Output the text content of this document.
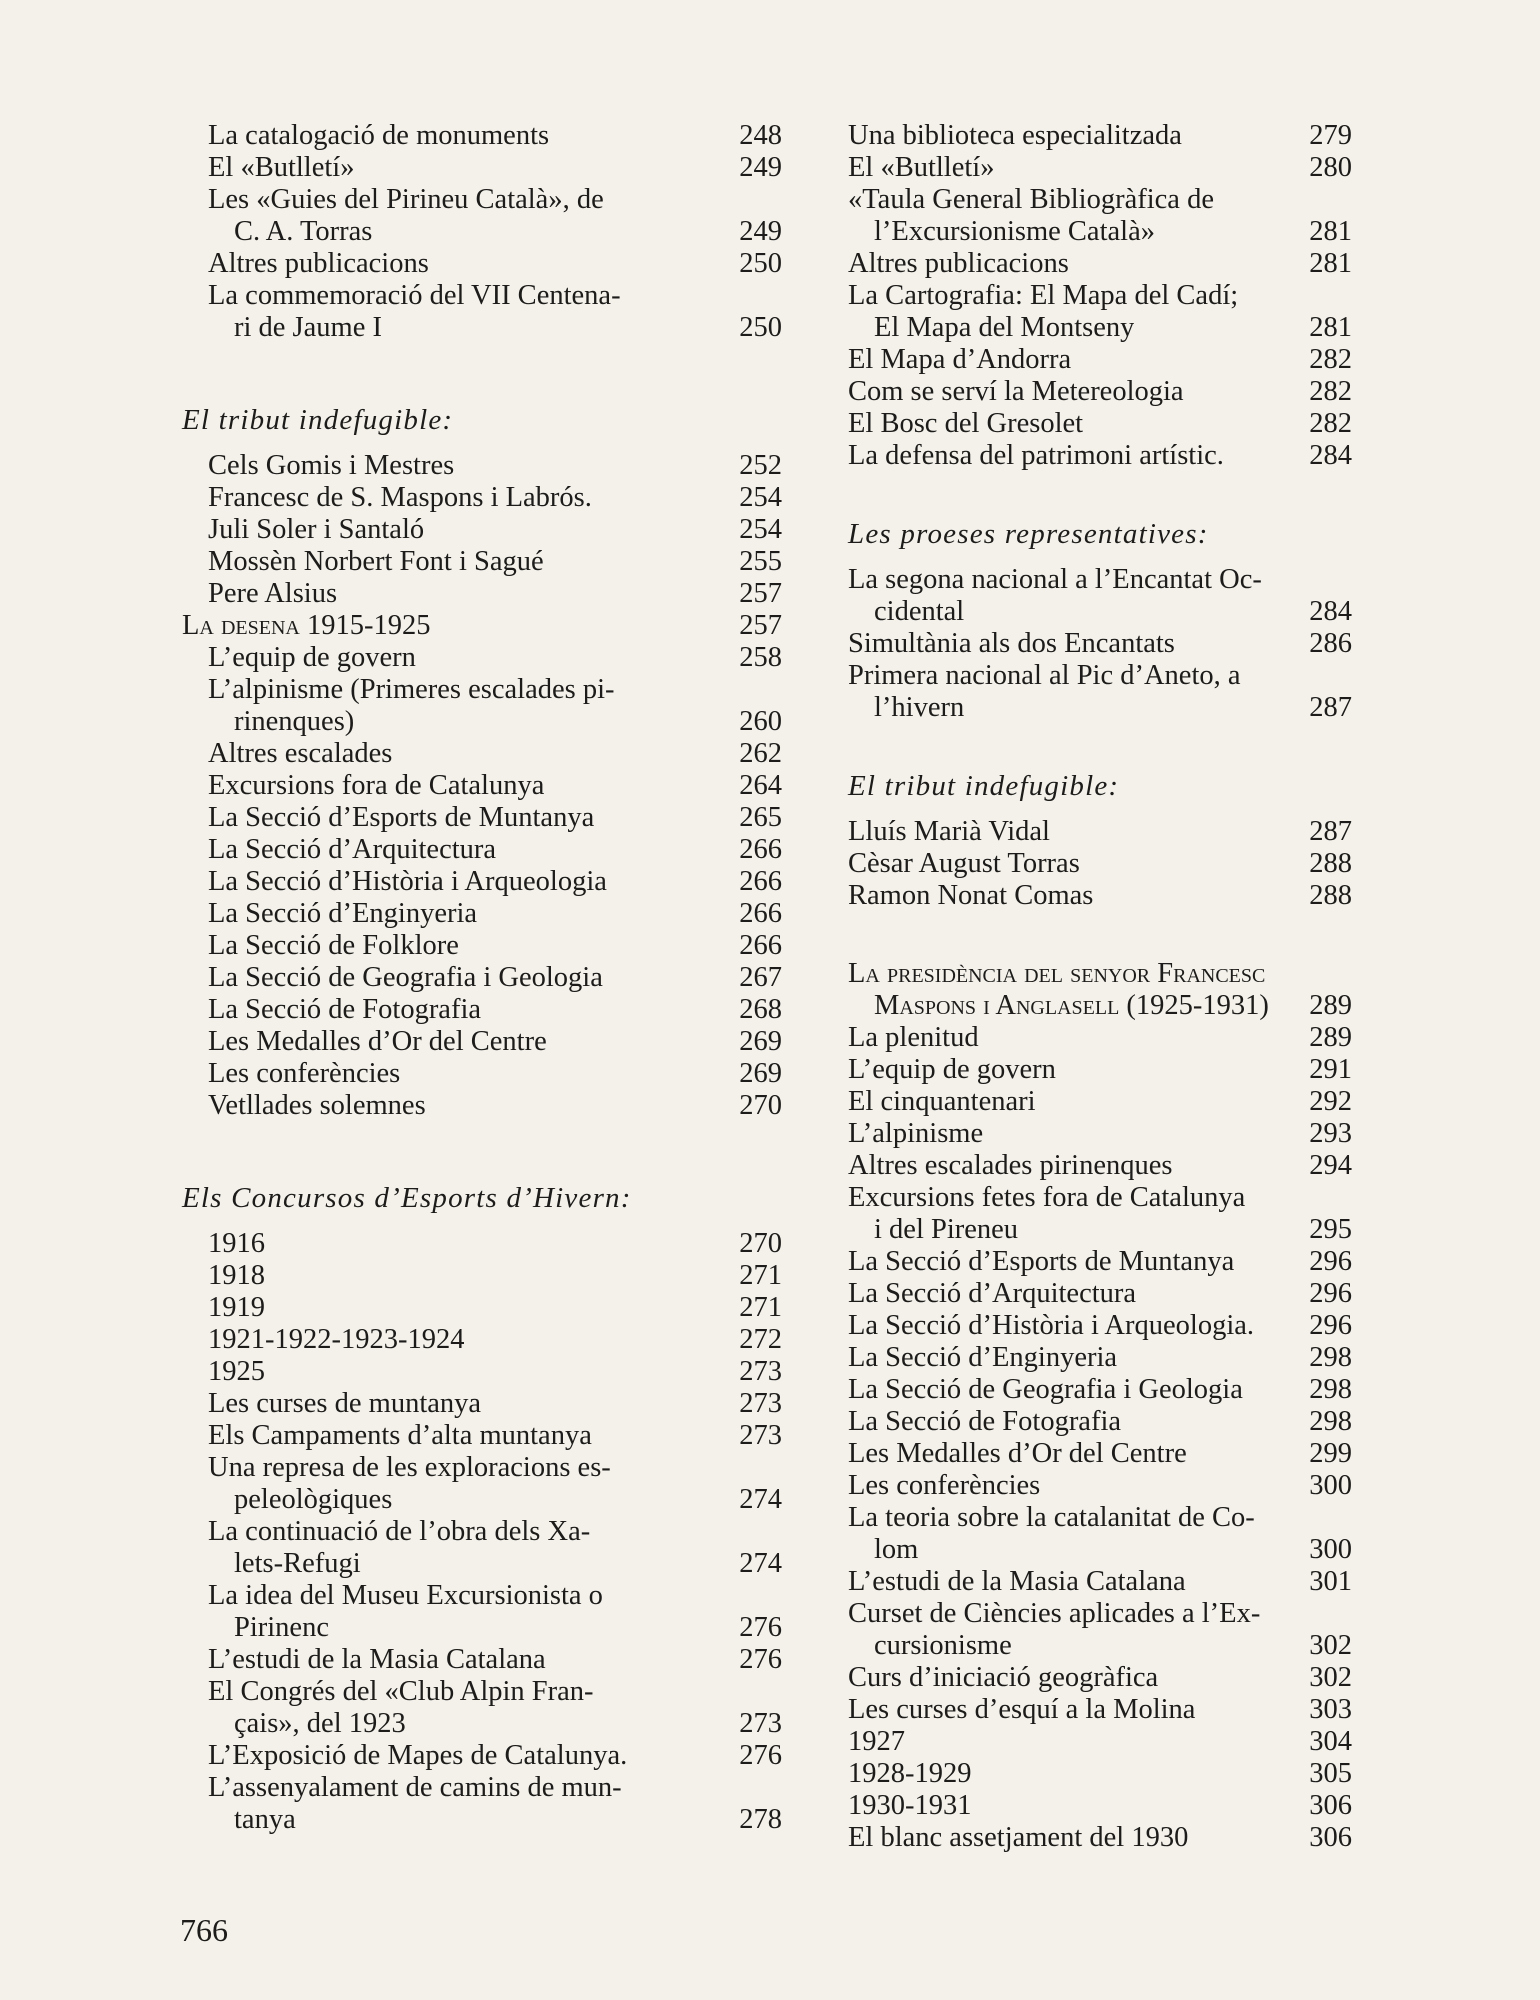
La catalogació de monuments	248
El «Butlletí»	249
Les «Guies del Pirineu Català», de
C. A. Torras	249
Altres publicacions	250
La commemoració del VII Centena-
ri de Jaume I	250
El tribut indefugible:
Cels Gomis i Mestres	252
Francesc de S. Maspons i Labrós.	254
Juli Soler i Santaló	254
Mossèn Norbert Font i Sagué	255
Pere Alsius	257
La desena 1915-1925	257
L’equip de govern	258
L’alpinisme (Primeres escalades pi-
rinenques)	260
Altres escalades	262
Excursions fora de Catalunya	264
La Secció d’Esports de Muntanya	265
La Secció d’Arquitectura	266
La Secció d’Història i Arqueologia	266
La Secció d’Enginyeria	266
La Secció de Folklore	266
La Secció de Geografia i Geologia	267
La Secció de Fotografia	268
Les Medalles d’Or del Centre	269
Les conferències	269
Vetllades solemnes	270
Els Concursos d’Esports d’Hivern:
1916	270
1918	271
1919	271
1921-1922-1923-1924	272
1925	273
Les curses de muntanya	273
Els Campaments d’alta muntanya	273
Una represa de les exploracions es-
peleològiques	274
La continuació de l’obra dels Xa-
lets-Refugi	274
La idea del Museu Excursionista o
Pirinenc	276
L’estudi de la Masia Catalana	276
El Congrés del «Club Alpin Fran-
çais», del 1923	273
L’Exposició de Mapes de Catalunya.	276
L’assenyalament de camins de mun-
tanya	278
Una biblioteca especialitzada	279
El «Butlletí»	280
«Taula General Bibliogràfica de
l’Excursionisme Català»	281
Altres publicacions	281
La Cartografia: El Mapa del Cadí;
El Mapa del Montseny	281
El Mapa d’Andorra	282
Com se serví la Metereologia	282
El Bosc del Gresolet	282
La defensa del patrimoni artístic.	284
Les proeses representatives:
La segona nacional a l’Encantat Oc-
cidental	284
Simultània als dos Encantats	286
Primera nacional al Pic d’Aneto, a
l’hivern	287
El tribut indefugible:
Lluís Marià Vidal	287
Cèsar August Torras	288
Ramon Nonat Comas	288
La presidència del senyor Francesc
Maspons i Anglasell (1925-1931) 289
La plenitud	289
L’equip de govern	291
El cinquantenari	292
L’alpinisme	293
Altres escalades pirinenques	294
Excursions fetes fora de Catalunya
i del Pireneu	295
La Secció d’Esports de Muntanya	296
La Secció d’Arquitectura	296
La Secció d’Història i Arqueologia. 296
La Secció d’Enginyeria	298
La Secció de Geografia i Geologia 298
La Secció de Fotografia	298
Les Medalles d’Or del Centre	299
Les conferències	300
La teoria sobre la catalanitat de Co-
lom	300
L’estudi de la Masia Catalana	301
Curset de Ciències aplicades a l’Ex-
cursionisme	302
Curs d’iniciació geogràfica	302
Les curses d’esquí a la Molina	303
1927	304
1928-1929	305
1930-1931	306
El blanc assetjament del 1930	306
766
